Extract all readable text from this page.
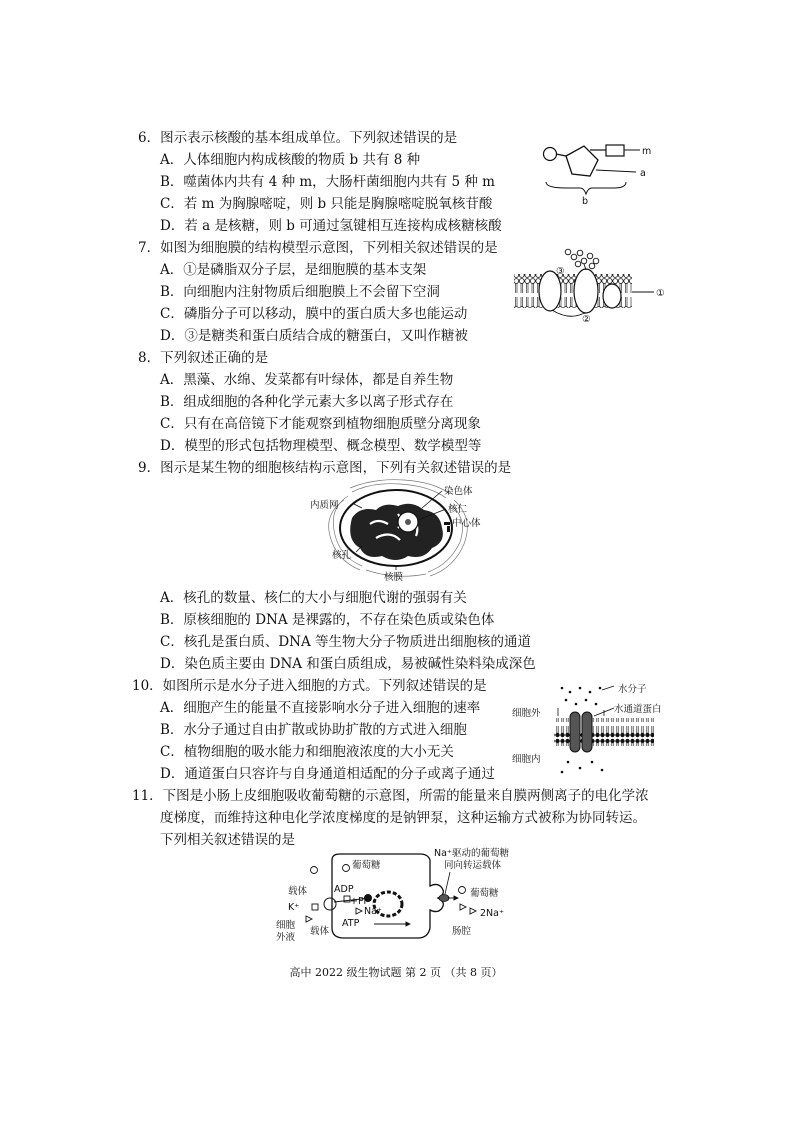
6．图示表示核酸的基本组成单位。下列叙述错误的是
A．人体细胞内构成核酸的物质 b 共有 8 种
B．噬菌体内共有 4 种 m，大肠杆菌细胞内共有 5 种 m
C．若 m 为胸腺嘧啶，则 b 只能是胸腺嘧啶脱氧核苷酸
D．若 a 是核糖，则 b 可通过氢键相互连接构成核糖核酸
m
a
b
7．如图为细胞膜的结构模型示意图，下列相关叙述错误的是
A．①是磷脂双分子层，是细胞膜的基本支架
B．向细胞内注射物质后细胞膜上不会留下空洞
C．磷脂分子可以移动，膜中的蛋白质大多也能运动
D．③是糖类和蛋白质结合成的糖蛋白，又叫作糖被
③
①
②
8．下列叙述正确的是
A．黑藻、水绵、发菜都有叶绿体，都是自养生物
B．组成细胞的各种化学元素大多以离子形式存在
C．只有在高倍镜下才能观察到植物细胞质壁分离现象
D．模型的形式包括物理模型、概念模型、数学模型等
9．图示是某生物的细胞核结构示意图，下列有关叙述错误的是
内质网
染色体
核仁
中心体
核孔
核膜
A．核孔的数量、核仁的大小与细胞代谢的强弱有关
B．原核细胞的 DNA 是裸露的，不存在染色质或染色体
C．核孔是蛋白质、DNA 等生物大分子物质进出细胞核的通道
D．染色质主要由 DNA 和蛋白质组成，易被碱性染料染成深色
10．如图所示是水分子进入细胞的方式。下列叙述错误的是
A．细胞产生的能量不直接影响水分子进入细胞的速率
B．水分子通过自由扩散或协助扩散的方式进入细胞
C．植物细胞的吸水能力和细胞液浓度的大小无关
D．通道蛋白只容许与自身通道相适配的分子或离子通过
细胞外
细胞内
水分子
水通道蛋白
11．下图是小肠上皮细胞吸收葡萄糖的示意图，所需的能量来自膜两侧离子的电化学浓
度梯度，而维持这种电化学浓度梯度的是钠钾泵，这种运输方式被称为协同转运。
下列相关叙述错误的是
葡萄糖
Na⁺驱动的葡萄糖
同向转运载体
葡萄糖
2Na⁺
载体	ADP
+Pi
K⁺	Na⁺
细胞
外液
载体
ATP
肠腔
高中 2022 级生物试题 第 2 页 （共 8 页）
